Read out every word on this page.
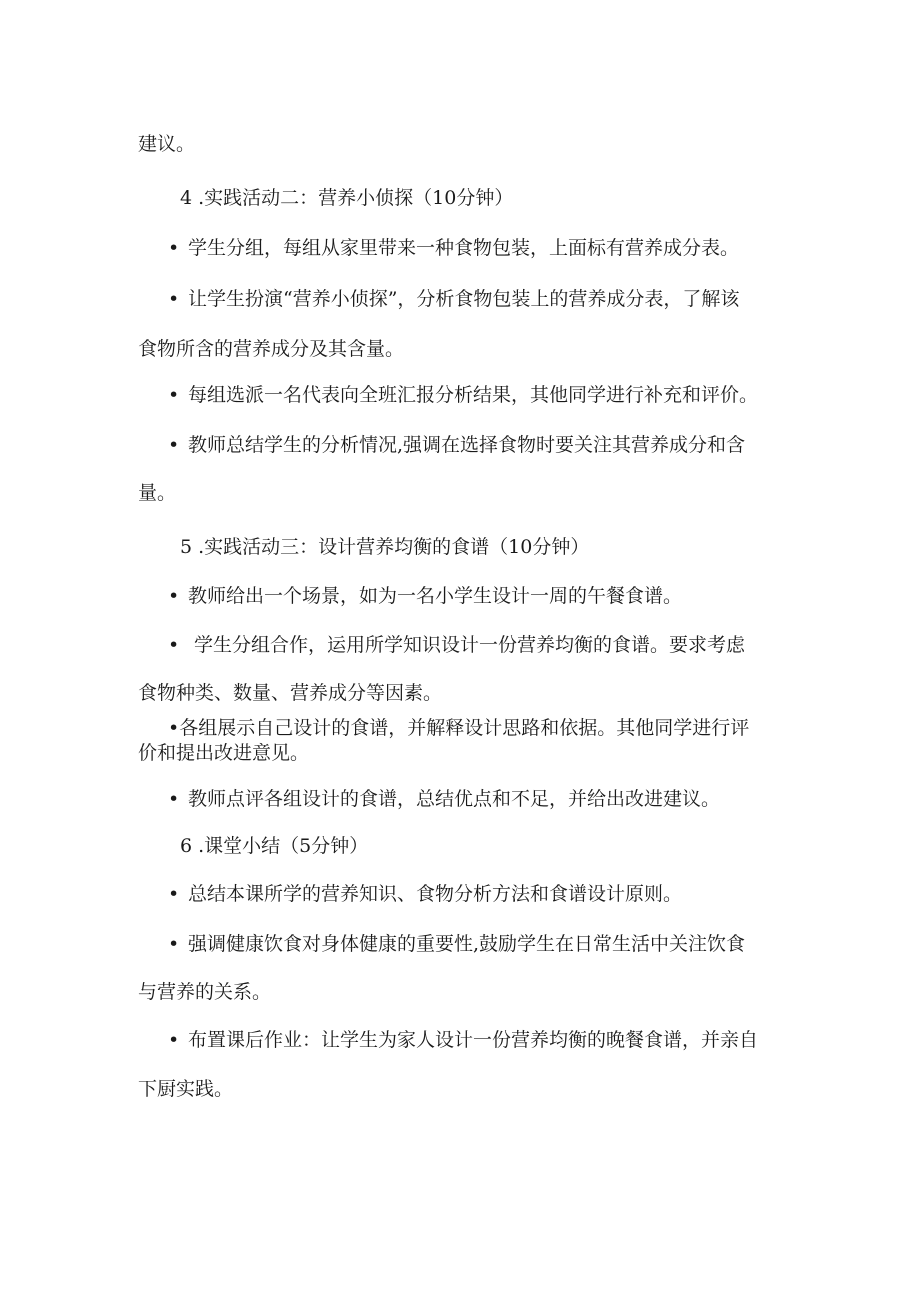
建议。
4 .实践活动二：营养小侦探（10分钟）
• 学生分组，每组从家里带来一种食物包装，上面标有营养成分表。
• 让学生扮演“营养小侦探”，分析食物包装上的营养成分表，了解该
食物所含的营养成分及其含量。
• 每组选派一名代表向全班汇报分析结果，其他同学进行补充和评价。
• 教师总结学生的分析情况,强调在选择食物时要关注其营养成分和含
量。
5 .实践活动三：设计营养均衡的食谱（10分钟）
• 教师给出一个场景，如为一名小学生设计一周的午餐食谱。
• 学生分组合作，运用所学知识设计一份营养均衡的食谱。要求考虑
食物种类、数量、营养成分等因素。
•各组展示自己设计的食谱，并解释设计思路和依据。其他同学进行评
价和提出改进意见。
• 教师点评各组设计的食谱，总结优点和不足，并给出改进建议。
6 .课堂小结（5分钟）
• 总结本课所学的营养知识、食物分析方法和食谱设计原则。
• 强调健康饮食对身体健康的重要性,鼓励学生在日常生活中关注饮食
与营养的关系。
• 布置课后作业：让学生为家人设计一份营养均衡的晚餐食谱，并亲自
下厨实践。
